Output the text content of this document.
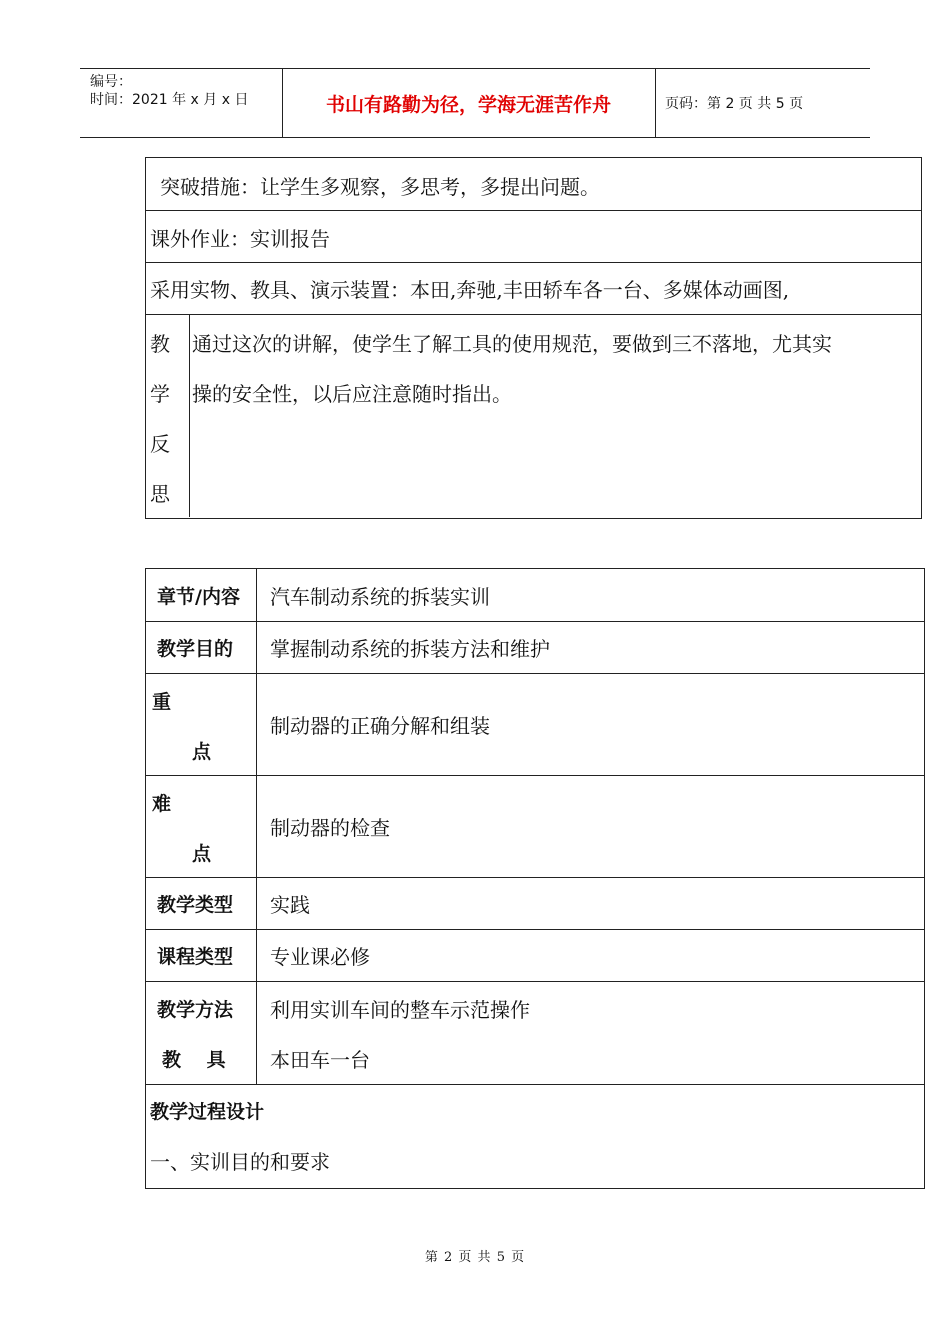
编号：
时间：2021 年 x 月 x 日	书山有路勤为径，学海无涯苦作舟	页码：第 2 页 共 5 页
突破措施：让学生多观察，多思考，多提出问题。
课外作业：实训报告
采用实物、教具、演示装置：本田,奔驰,丰田轿车各一台、多媒体动画图,
教
学
反
思
通过这次的讲解，使学生了解工具的使用规范，要做到三不落地，尤其实
操的安全性，以后应注意随时指出。
章节/内容 汽车制动系统的拆装实训
教学目的 掌握制动系统的拆装方法和维护
重
点
制动器的正确分解和组装
难
点
制动器的检查
教学类型 实践
课程类型 专业课必修
教学方法 利用实训车间的整车示范操作
教　 具 本田车一台
教学过程设计
一、实训目的和要求
第 2 页 共 5 页
